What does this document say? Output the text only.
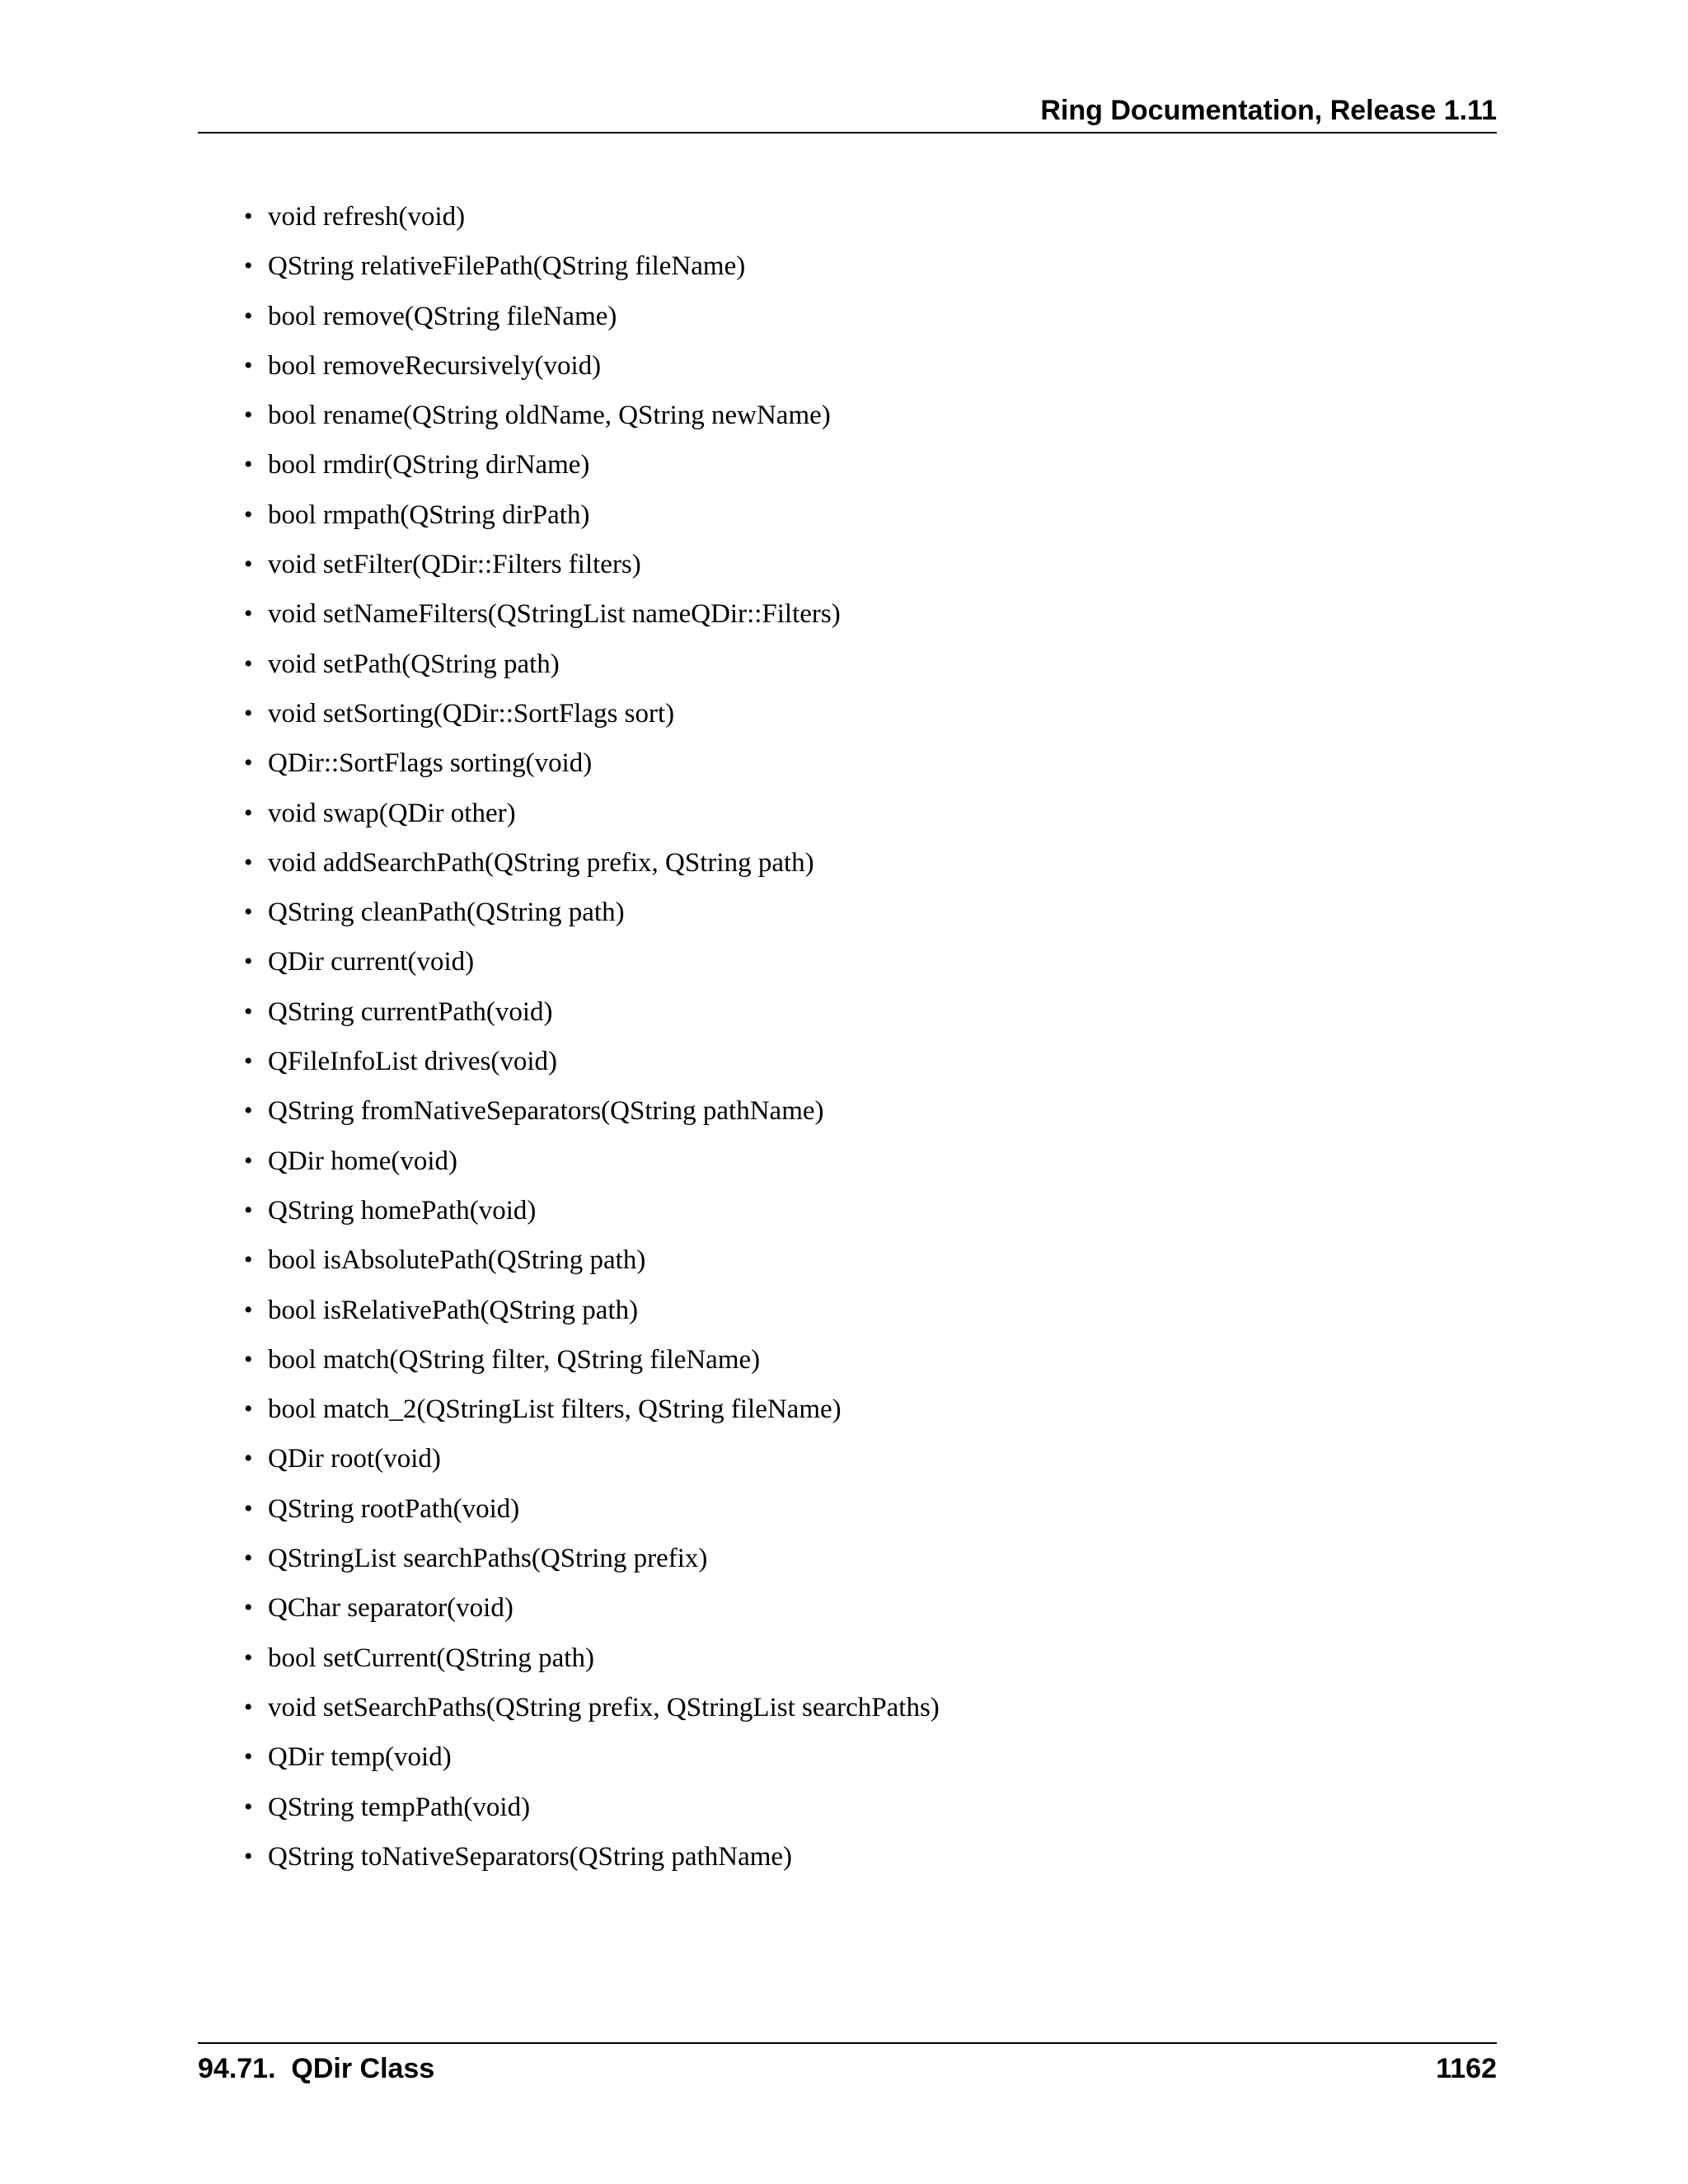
Ring Documentation, Release 1.11
• void refresh(void)
• QString relativeFilePath(QString fileName)
• bool remove(QString fileName)
• bool removeRecursively(void)
• bool rename(QString oldName, QString newName)
• bool rmdir(QString dirName)
• bool rmpath(QString dirPath)
• void setFilter(QDir::Filters filters)
• void setNameFilters(QStringList nameQDir::Filters)
• void setPath(QString path)
• void setSorting(QDir::SortFlags sort)
• QDir::SortFlags sorting(void)
• void swap(QDir other)
• void addSearchPath(QString prefix, QString path)
• QString cleanPath(QString path)
• QDir current(void)
• QString currentPath(void)
• QFileInfoList drives(void)
• QString fromNativeSeparators(QString pathName)
• QDir home(void)
• QString homePath(void)
• bool isAbsolutePath(QString path)
• bool isRelativePath(QString path)
• bool match(QString filter, QString fileName)
• bool match_2(QStringList filters, QString fileName)
• QDir root(void)
• QString rootPath(void)
• QStringList searchPaths(QString prefix)
• QChar separator(void)
• bool setCurrent(QString path)
• void setSearchPaths(QString prefix, QStringList searchPaths)
• QDir temp(void)
• QString tempPath(void)
• QString toNativeSeparators(QString pathName)
94.71.  QDir Class	1162
